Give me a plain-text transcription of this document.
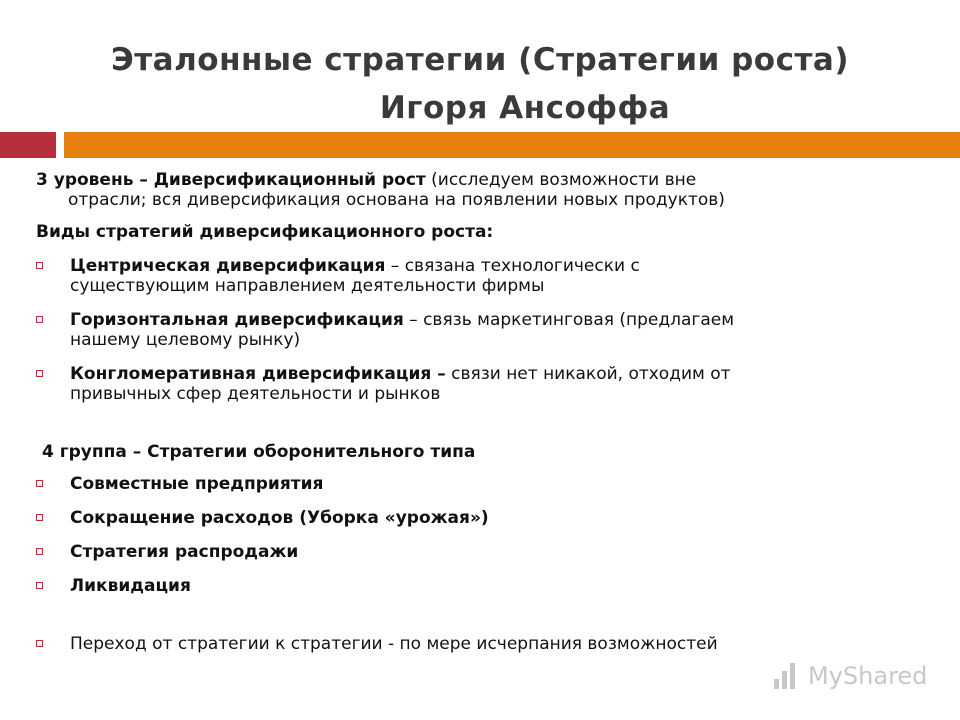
Эталонные стратегии (Стратегии роста)
Игоря Ансоффа

3 уровень – Диверсификационный рост (исследуем возможности вне
отрасли; вся диверсификация основана на появлении новых продуктов)

Виды стратегий диверсификационного роста:

Центрическая диверсификация – связана технологически с
существующим направлением деятельности фирмы
Горизонтальная диверсификация – связь маркетинговая (предлагаем
нашему целевому рынку)
Конгломеративная диверсификация – связи нет никакой, отходим от
привычных сфер деятельности и рынков

4 группа – Стратегии оборонительного типа

Совместные предприятия
Сокращение расходов (Уборка «урожая»)
Стратегия распродажи
Ликвидация
Переход от стратегии к стратегии - по мере исчерпания возможностей
MyShared
